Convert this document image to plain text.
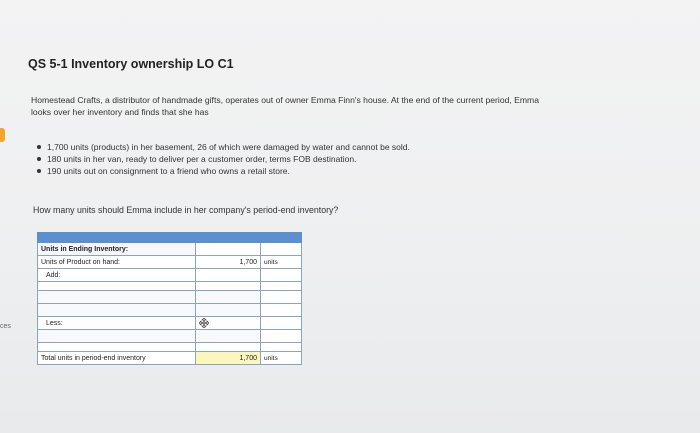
ces
QS 5-1 Inventory ownership LO C1
Homestead Crafts, a distributor of handmade gifts, operates out of owner Emma Finn's house. At the end of the current period, Emma
looks over her inventory and finds that she has
1,700 units (products) in her basement, 26 of which were damaged by water and cannot be sold.
180 units in her van, ready to deliver per a customer order, terms FOB destination.
190 units out on consignment to a friend who owns a retail store.
How many units should Emma include in her company's period-end inventory?

Units in Ending Inventory:		
Units of Product on hand:	1,700	units
Add:		

Less:	

Total units in period-end inventory	1,700	units
